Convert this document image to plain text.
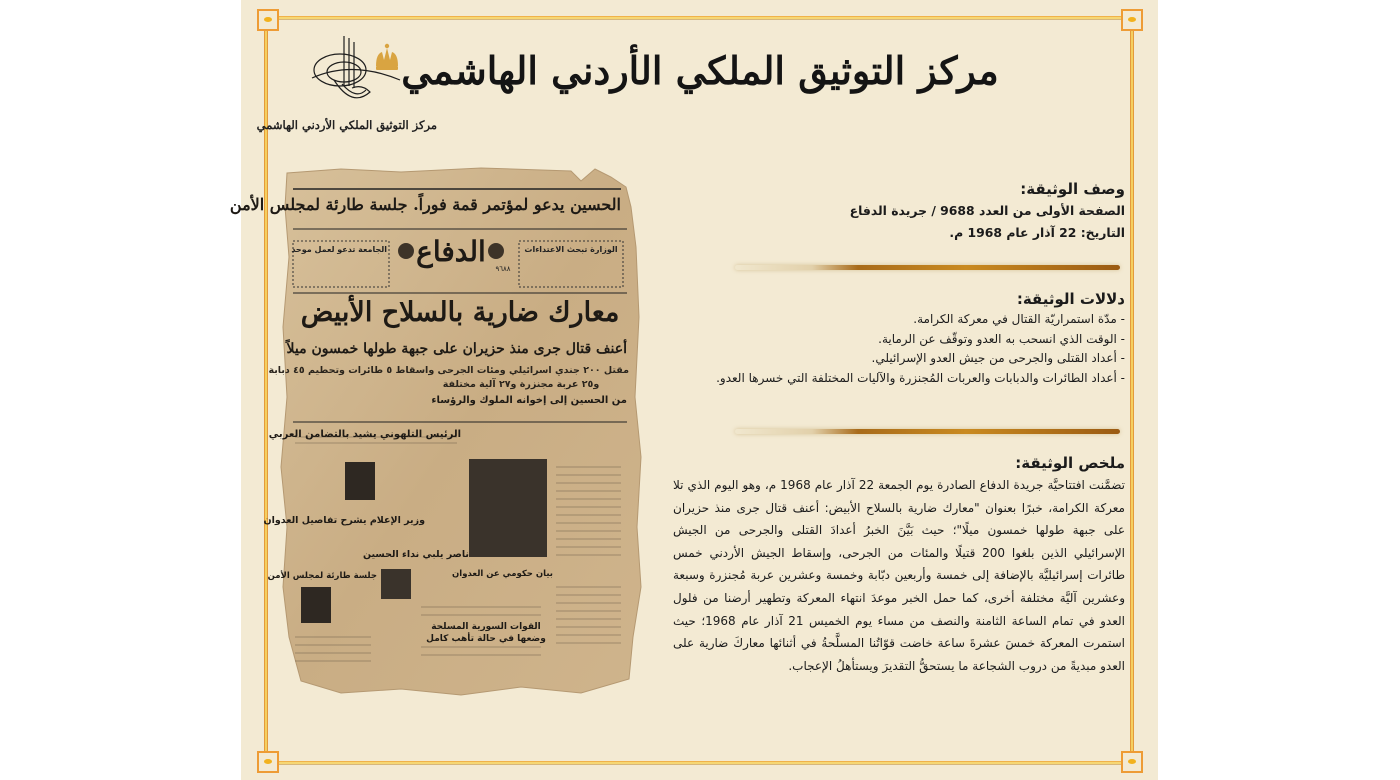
مركز التوثيق الملكي الأردني الهاشمي
مركز التوثيق الملكي الأردني الهاشمي
الحسين يدعو لمؤتمر قمة فوراً. جلسة طارئة لمجلس الأمن
الدفاع	الوزارة تبحث الاعتداءات
الجامعة تدعو لعمل موحد
٩٦٨٨
معارك ضارية بالسلاح الأبيض
أعنف قتال جرى منذ حزيران على جبهة طولها خمسون ميلاً
مقتل ٢٠٠ جندي اسرائيلي ومئات الجرحى واسقاط ٥ طائرات وتحطيم ٤٥ دبابة
و٢٥ عربة مجنزرة و٢٧ آلية مختلفة
من الحسين إلى إخوانه الملوك والرؤساء
الرئيس التلهوني يشيد بالتضامن العربي
وزير الإعلام يشرح تفاصيل العدوان
ناصر يلبي نداء الحسين
جلسة طارئة لمجلس الأمن	بيان حكومي عن العدوان
القوات السورية المسلحة وضعها في حالة تأهب كامل

وصف الوثيقة:

الصفحة الأولى من العدد 9688 / جريدة الدفاع

التاريخ: 22 آذار عام 1968 م.

دلالات الوثيقة:

- مدّة استمراريّة القتال في معركة الكرامة.

- الوقت الذي انسحب به العدو وتوقّف عن الرماية.

- أعداد القتلى والجرحى من جيش العدو الإسرائيلي.

- أعداد الطائرات والدبابات والعربات المُجنزرة والآليات المختلفة التي خسرها العدو.

ملخص الوثيقة:

تضمَّنت افتتاحيَّة جريدة الدفاع الصادرة يوم الجمعة 22 آذار عام 1968 م، وهو اليوم الذي تلا معركة الكرامة، خبرًا بعنوان "معارك ضارية بالسلاح الأبيض: أعنف قتال جرى منذ حزيران على جبهة طولها خمسون ميلًا"؛ حيث بَيَّنَ الخبرُ أعدادَ القتلى والجرحى من الجيش الإسرائيلي الذين بلغوا 200 قتيلًا والمئات من الجرحى، وإسقاط الجيش الأردني خمس طائرات إسرائيليَّة بالإضافة إلى خمسة وأربعين دبّابة وخمسة وعشرين عربة مُجنزرة وسبعة وعشرين آليَّة مختلفة أخرى، كما حمل الخبر موعدَ انتهاء المعركة وتطهير أرضنا من فلول العدو في تمام الساعة الثامنة والنصف من مساء يوم الخميس 21 آذار عام 1968؛ حيث استمرت المعركة خمسَ عشرةَ ساعة خاضت قوّاتُنا المسلَّحةُ في أثنائها معاركَ ضارية على العدو مبديةً من دروب الشجاعة ما يستحقُّ التقديرَ ويستأهلُ الإعجاب.
